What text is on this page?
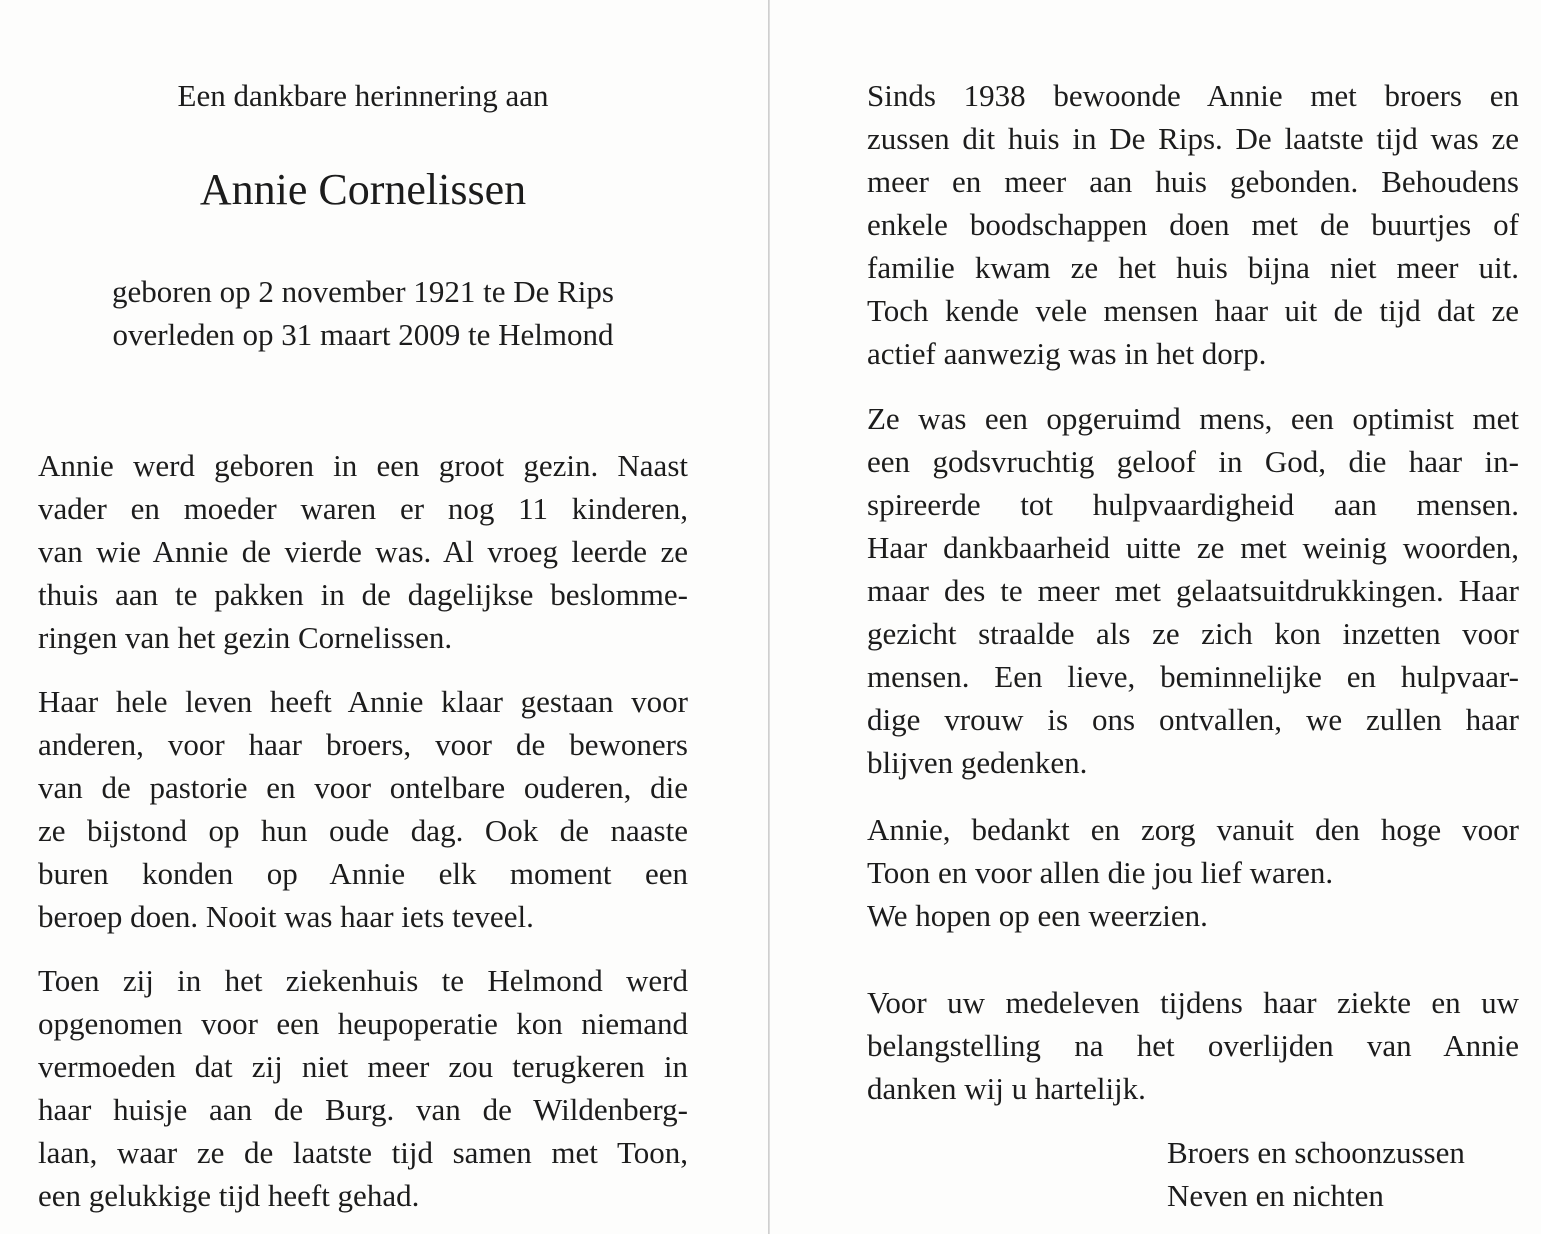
Een dankbare herinnering aan

Annie Cornelissen

geboren op 2 november 1921 te De Rips

overleden op 31 maart 2009 te Helmond

Annie werd geboren in een groot gezin. Naast

vader en moeder waren er nog 11 kinderen,

van wie Annie de vierde was. Al vroeg leerde ze

thuis aan te pakken in de dagelijkse beslomme-

ringen van het gezin Cornelissen.

Haar hele leven heeft Annie klaar gestaan voor

anderen, voor haar broers, voor de bewoners

van de pastorie en voor ontelbare ouderen, die

ze bijstond op hun oude dag. Ook de naaste

buren konden op Annie elk moment een

beroep doen. Nooit was haar iets teveel.

Toen zij in het ziekenhuis te Helmond werd

opgenomen voor een heupoperatie kon niemand

vermoeden dat zij niet meer zou terugkeren in

haar huisje aan de Burg. van de Wildenberg-

laan, waar ze de laatste tijd samen met Toon,

een gelukkige tijd heeft gehad.

Sinds 1938 bewoonde Annie met broers en

zussen dit huis in De Rips. De laatste tijd was ze

meer en meer aan huis gebonden. Behoudens

enkele boodschappen doen met de buurtjes of

familie kwam ze het huis bijna niet meer uit.

Toch kende vele mensen haar uit de tijd dat ze

actief aanwezig was in het dorp.

Ze was een opgeruimd mens, een optimist met

een godsvruchtig geloof in God, die haar in-

spireerde tot hulpvaardigheid aan mensen.

Haar dankbaarheid uitte ze met weinig woorden,

maar des te meer met gelaatsuitdrukkingen. Haar

gezicht straalde als ze zich kon inzetten voor

mensen. Een lieve, beminnelijke en hulpvaar-

dige vrouw is ons ontvallen, we zullen haar

blijven gedenken.

Annie, bedankt en zorg vanuit den hoge voor

Toon en voor allen die jou lief waren.

We hopen op een weerzien.

Voor uw medeleven tijdens haar ziekte en uw

belangstelling na het overlijden van Annie

danken wij u hartelijk.

Broers en schoonzussen

Neven en nichten
